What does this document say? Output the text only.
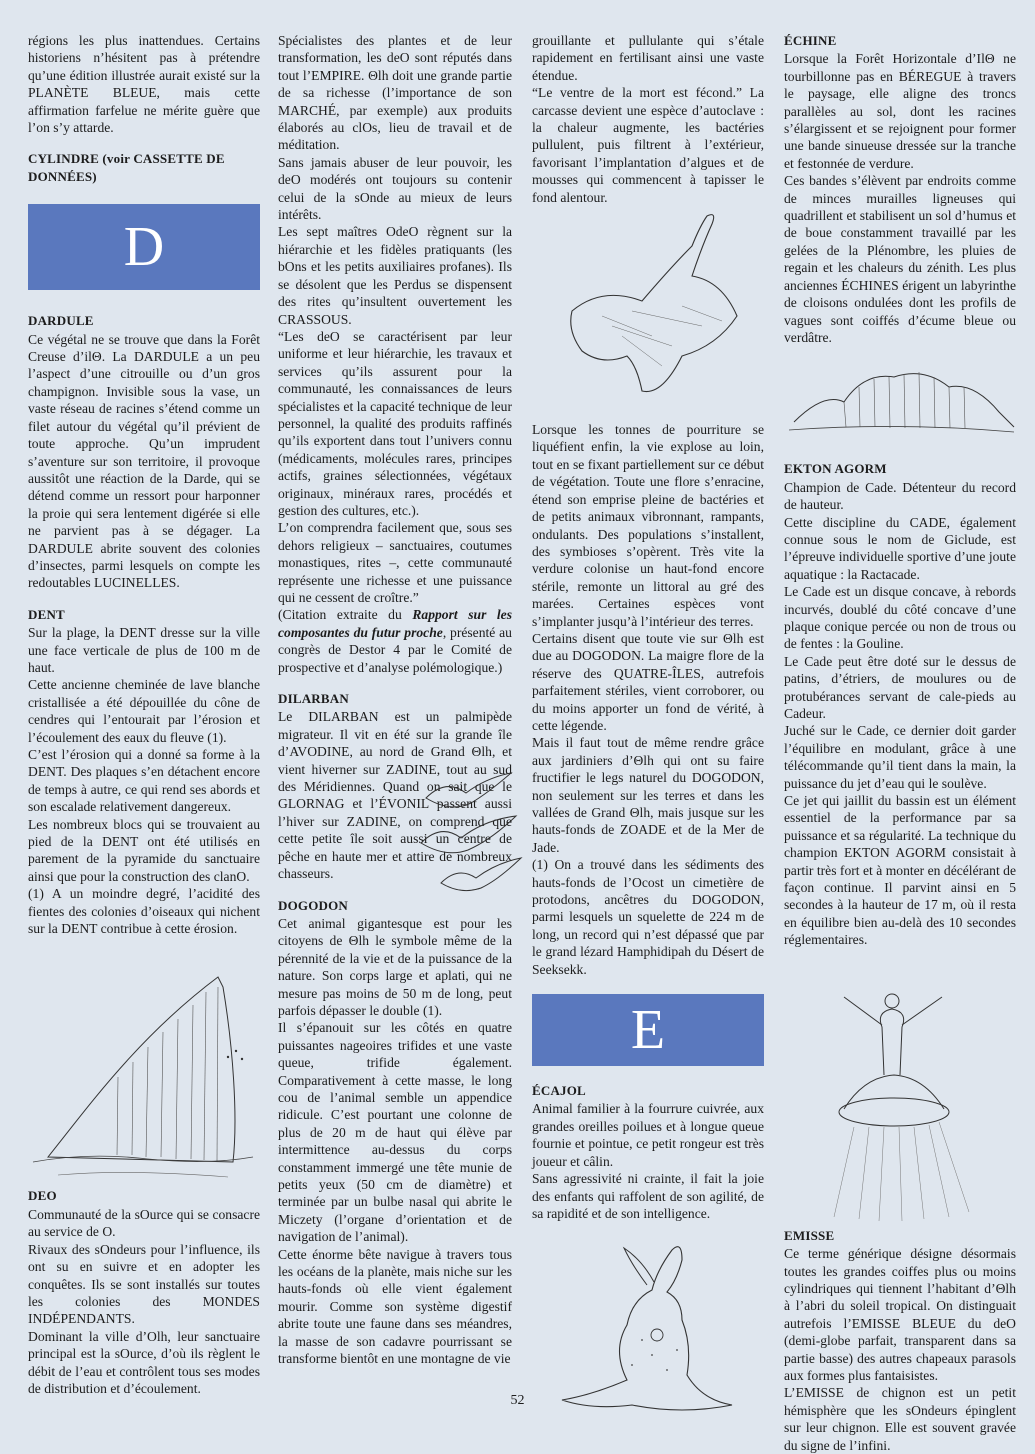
régions les plus inattendues. Certains historiens n’hésitent pas à prétendre qu’une édition illustrée aurait existé sur la PLANÈTE BLEUE, mais cette affirmation farfelue ne mérite guère que l’on s’y attarde.

CYLINDRE (voir CASSETTE DE DONNÉES)

D

DARDULE

Ce végétal ne se trouve que dans la Forêt Creuse d’ilΘ. La DARDULE a un peu l’aspect d’une citrouille ou d’un gros champignon. Invisible sous la vase, un vaste réseau de racines s’étend comme un filet autour du végétal qu’il prévient de toute approche. Qu’un imprudent s’aventure sur son territoire, il provoque aussitôt une réaction de la Darde, qui se détend comme un ressort pour harponner la proie qui sera lentement digérée si elle ne parvient pas à se dégager. La DARDULE abrite souvent des colonies d’insectes, parmi lesquels on compte les redoutables LUCINELLES.

DENT

Sur la plage, la DENT dresse sur la ville une face verticale de plus de 100 m de haut.

Cette ancienne cheminée de lave blanche cristallisée a été dépouillée du cône de cendres qui l’entourait par l’érosion et l’écoulement des eaux du fleuve (1).

C’est l’érosion qui a donné sa forme à la DENT. Des plaques s’en détachent encore de temps à autre, ce qui rend ses abords et son escalade relativement dangereux.

Les nombreux blocs qui se trouvaient au pied de la DENT ont été utilisés en parement de la pyramide du sanctuaire ainsi que pour la construction des clanO.

(1) A un moindre degré, l’acidité des fientes des colonies d’oiseaux qui nichent sur la DENT contribue à cette érosion.

DEO

Communauté de la sOurce qui se consacre au service de O.

Rivaux des sOndeurs pour l’influence, ils ont su en suivre et en adopter les conquêtes. Ils se sont installés sur toutes les colonies des MONDES INDÉPENDANTS.

Dominant la ville d’Olh, leur sanctuaire principal est la sOurce, d’où ils règlent le débit de l’eau et contrôlent tous ses modes de distribution et d’écoulement.

Spécialistes des plantes et de leur transformation, les deO sont réputés dans tout l’EMPIRE. Θlh doit une grande partie de sa richesse (l’importance de son MARCHÉ, par exemple) aux produits élaborés au clOs, lieu de travail et de méditation.

Sans jamais abuser de leur pouvoir, les deO modérés ont toujours su contenir celui de la sOnde au mieux de leurs intérêts.

Les sept maîtres OdeO règnent sur la hiérarchie et les fidèles pratiquants (les bOns et les petits auxiliaires profanes). Ils se désolent que les Perdus se dispensent des rites qu’insultent ouvertement les CRASSOUS.

“Les deO se caractérisent par leur uniforme et leur hiérarchie, les travaux et services qu’ils assurent pour la communauté, les connaissances de leurs spécialistes et la capacité technique de leur personnel, la qualité des produits raffinés qu’ils exportent dans tout l’univers connu (médicaments, molécules rares, principes actifs, graines sélectionnées, végétaux originaux, minéraux rares, procédés et gestion des cultures, etc.).

L’on comprendra facilement que, sous ses dehors religieux – sanctuaires, coutumes monastiques, rites –, cette communauté représente une richesse et une puissance qui ne cessent de croître.”

(Citation extraite du Rapport sur les composantes du futur proche, présenté au congrès de Destor 4 par le Comité de prospective et d’analyse polémologique.)

DILARBAN

Le DILARBAN est un palmipède migrateur. Il vit en été sur la grande île d’AVODINE, au nord de Grand Θlh, et vient hiverner sur ZADINE, tout au sud des Méridiennes. Quand on sait que le GLORNAG et l’ÉVONIL passent aussi l’hiver sur ZADINE, on comprend que cette petite île soit aussi un centre de pêche en haute mer et attire de nombreux chasseurs.

DOGODON

Cet animal gigantesque est pour les citoyens de Θlh le symbole même de la pérennité de la vie et de la puissance de la nature. Son corps large et aplati, qui ne mesure pas moins de 50 m de long, peut parfois dépasser le double (1).

Il s’épanouit sur les côtés en quatre puissantes nageoires trifides et une vaste queue, trifide également. Comparativement à cette masse, le long cou de l’animal semble un appendice ridicule. C’est pourtant une colonne de plus de 20 m de haut qui élève par intermittence au-dessus du corps constamment immergé une tête munie de petits yeux (50 cm de diamètre) et terminée par un bulbe nasal qui abrite le Miczety (l’organe d’orientation et de navigation de l’animal).

Cette énorme bête navigue à travers tous les océans de la planète, mais niche sur les hauts-fonds où elle vient également mourir. Comme son système digestif abrite toute une faune dans ses méandres, la masse de son cadavre pourrissant se transforme bientôt en une montagne de vie

grouillante et pullulante qui s’étale rapidement en fertilisant ainsi une vaste étendue.

“Le ventre de la mort est fécond.” La carcasse devient une espèce d’autoclave : la chaleur augmente, les bactéries pullulent, puis filtrent à l’extérieur, favorisant l’implantation d’algues et de mousses qui commencent à tapisser le fond alentour.

Lorsque les tonnes de pourriture se liquéfient enfin, la vie explose au loin, tout en se fixant partiellement sur ce début de végétation. Toute une flore s’enracine, étend son emprise pleine de bactéries et de petits animaux vibronnant, rampants, ondulants. Des populations s’installent, des symbioses s’opèrent. Très vite la verdure colonise un haut-fond encore stérile, remonte un littoral au gré des marées. Certaines espèces vont s’implanter jusqu’à l’intérieur des terres.

Certains disent que toute vie sur Θlh est due au DOGODON. La maigre flore de la réserve des QUATRE-ÎLES, autrefois parfaitement stériles, vient corroborer, ou du moins apporter un fond de vérité, à cette légende.

Mais il faut tout de même rendre grâce aux jardiniers d’Θlh qui ont su faire fructifier le legs naturel du DOGODON, non seulement sur les terres et dans les vallées de Grand Θlh, mais jusque sur les hauts-fonds de ZOADE et de la Mer de Jade.

(1) On a trouvé dans les sédiments des hauts-fonds de l’Ocost un cimetière de protodons, ancêtres du DOGODON, parmi lesquels un squelette de 224 m de long, un record qui n’est dépassé que par le grand lézard Hamphidipah du Désert de Seeksekk.

E

ÉCAJOL

Animal familier à la fourrure cuivrée, aux grandes oreilles poilues et à longue queue fournie et pointue, ce petit rongeur est très joueur et câlin.

Sans agressivité ni crainte, il fait la joie des enfants qui raffolent de son agilité, de sa rapidité et de son intelligence.

ÉCHINE

Lorsque la Forêt Horizontale d’IlΘ ne tourbillonne pas en BÉREGUE à travers le paysage, elle aligne des troncs parallèles au sol, dont les racines s’élargissent et se rejoignent pour former une bande sinueuse dressée sur la tranche et festonnée de verdure.

Ces bandes s’élèvent par endroits comme de minces murailles ligneuses qui quadrillent et stabilisent un sol d’humus et de boue constamment travaillé par les gelées de la Plénombre, les pluies de regain et les chaleurs du zénith. Les plus anciennes ÉCHINES érigent un labyrinthe de cloisons ondulées dont les profils de vagues sont coiffés d’écume bleue ou verdâtre.

EKTON AGORM

Champion de Cade. Détenteur du record de hauteur.

Cette discipline du CADE, également connue sous le nom de Giclude, est l’épreuve individuelle sportive d’une joute aquatique : la Ractacade.

Le Cade est un disque concave, à rebords incurvés, doublé du côté concave d’une plaque conique percée ou non de trous ou de fentes : la Gouline.

Le Cade peut être doté sur le dessus de patins, d’étriers, de moulures ou de protubérances servant de cale-pieds au Cadeur.

Juché sur le Cade, ce dernier doit garder l’équilibre en modulant, grâce à une télécommande qu’il tient dans la main, la puissance du jet d’eau qui le soulève.

Ce jet qui jaillit du bassin est un élément essentiel de la performance par sa puissance et sa régularité. La technique du champion EKTON AGORM consistait à partir très fort et à monter en décélérant de façon continue. Il parvint ainsi en 5 secondes à la hauteur de 17 m, où il resta en équilibre bien au-delà des 10 secondes réglementaires.

EMISSE

Ce terme générique désigne désormais toutes les grandes coiffes plus ou moins cylindriques qui tiennent l’habitant d’Θlh à l’abri du soleil tropical. On distinguait autrefois l’EMISSE BLEUE du deO (demi-globe parfait, transparent dans sa partie basse) des autres chapeaux parasols aux formes plus fantaisistes.

L’EMISSE de chignon est un petit hémisphère que les sOndeurs épinglent sur leur chignon. Elle est souvent gravée du signe de l’infini.

52
